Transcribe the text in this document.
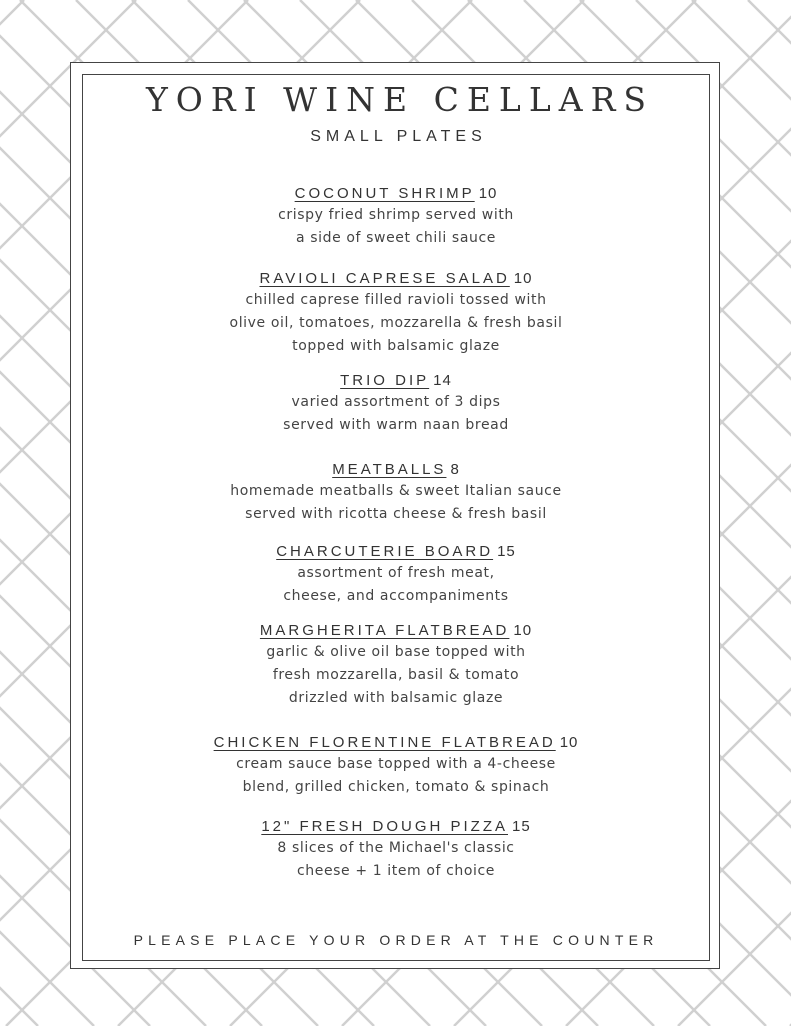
YORI WINE CELLARS
SMALL PLATES
COCONUT SHRIMP 10
crispy fried shrimp served with
a side of sweet chili sauce
RAVIOLI CAPRESE SALAD 10
chilled caprese filled ravioli tossed with
olive oil, tomatoes, mozzarella & fresh basil
topped with balsamic glaze
TRIO DIP 14
varied assortment of 3 dips
served with warm naan bread
MEATBALLS 8
homemade meatballs & sweet Italian sauce
served with ricotta cheese & fresh basil
CHARCUTERIE BOARD 15
assortment of fresh meat,
cheese, and accompaniments
MARGHERITA FLATBREAD 10
garlic & olive oil base topped with
fresh mozzarella, basil & tomato
drizzled with balsamic glaze
CHICKEN FLORENTINE FLATBREAD 10
cream sauce base topped with a 4-cheese
blend, grilled chicken, tomato & spinach
12" FRESH DOUGH PIZZA 15
8 slices of the Michael's classic
cheese + 1 item of choice
PLEASE PLACE YOUR ORDER AT THE COUNTER
